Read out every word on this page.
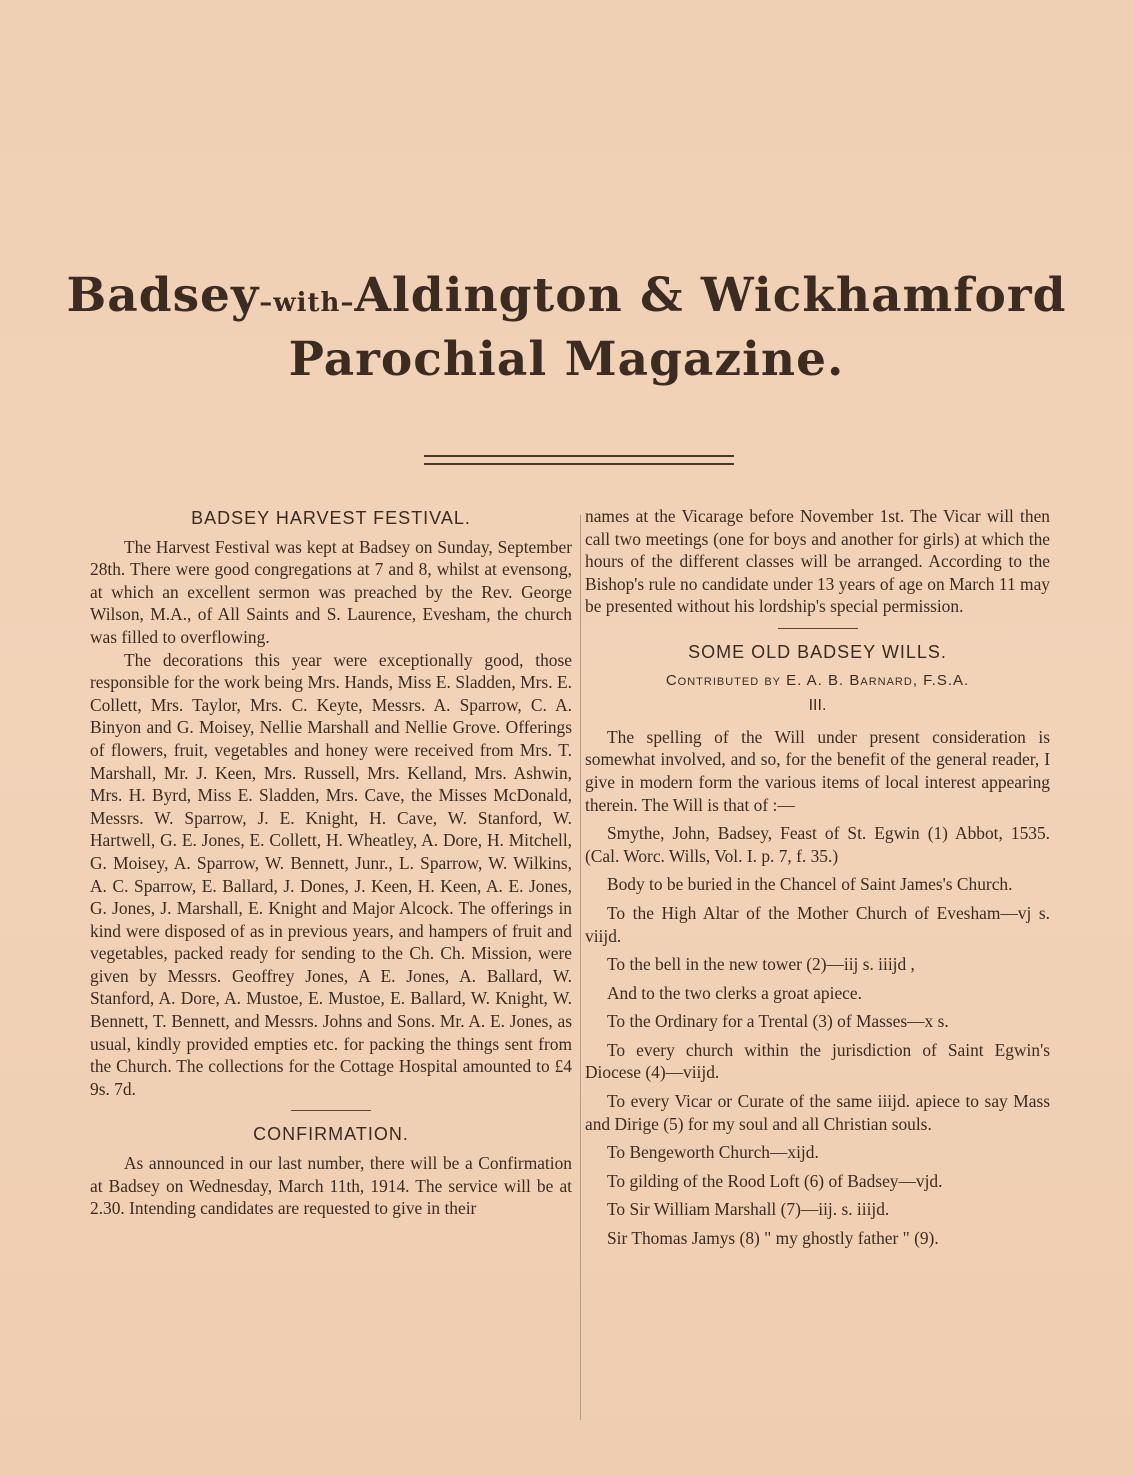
Badsey–with–Aldington & Wickhamford
Parochial Magazine.
BADSEY HARVEST FESTIVAL.

The Harvest Festival was kept at Badsey on Sunday, September 28th. There were good congregations at 7 and 8, whilst at evensong, at which an excellent sermon was preached by the Rev. George Wilson, M.A., of All Saints and S. Laurence, Evesham, the church was filled to overflowing.

The decorations this year were exceptionally good, those responsible for the work being Mrs. Hands, Miss E. Sladden, Mrs. E. Collett, Mrs. Taylor, Mrs. C. Keyte, Messrs. A. Sparrow, C. A. Binyon and G. Moisey, Nellie Marshall and Nellie Grove. Offerings of flowers, fruit, vegetables and honey were received from Mrs. T. Marshall, Mr. J. Keen, Mrs. Russell, Mrs. Kelland, Mrs. Ashwin, Mrs. H. Byrd, Miss E. Sladden, Mrs. Cave, the Misses McDonald, Messrs. W. Sparrow, J. E. Knight, H. Cave, W. Stanford, W. Hartwell, G. E. Jones, E. Collett, H. Wheatley, A. Dore, H. Mitchell, G. Moisey, A. Sparrow, W. Bennett, Junr., L. Sparrow, W. Wilkins, A. C. Sparrow, E. Ballard, J. Dones, J. Keen, H. Keen, A. E. Jones, G. Jones, J. Marshall, E. Knight and Major Alcock. The offerings in kind were disposed of as in previous years, and hampers of fruit and vegetables, packed ready for sending to the Ch. Ch. Mission, were given by Messrs. Geoffrey Jones, A E. Jones, A. Ballard, W. Stanford, A. Dore, A. Mustoe, E. Mustoe, E. Ballard, W. Knight, W. Bennett, T. Bennett, and Messrs. Johns and Sons. Mr. A. E. Jones, as usual, kindly provided empties etc. for packing the things sent from the Church. The collections for the Cottage Hospital amounted to £4 9s. 7d.

CONFIRMATION.

As announced in our last number, there will be a Confirmation at Badsey on Wednesday, March 11th, 1914. The service will be at 2.30. Intending candidates are requested to give in their

names at the Vicarage before November 1st. The Vicar will then call two meetings (one for boys and another for girls) at which the hours of the different classes will be arranged. According to the Bishop's rule no candidate under 13 years of age on March 11 may be presented without his lordship's special permission.

SOME OLD BADSEY WILLS.
Contributed by E. A. B. Barnard, F.S.A.
III.

The spelling of the Will under present consideration is somewhat involved, and so, for the benefit of the general reader, I give in modern form the various items of local interest appearing therein. The Will is that of :—

Smythe, John, Badsey, Feast of St. Egwin (1) Abbot, 1535. (Cal. Worc. Wills, Vol. I. p. 7, f. 35.)

Body to be buried in the Chancel of Saint James's Church.

To the High Altar of the Mother Church of Evesham—vj s. viijd.

To the bell in the new tower (2)—iij s. iiijd ,

And to the two clerks a groat apiece.

To the Ordinary for a Trental (3) of Masses—x s.

To every church within the jurisdiction of Saint Egwin's Diocese (4)—viijd.

To every Vicar or Curate of the same iiijd. apiece to say Mass and Dirige (5) for my soul and all Christian souls.

To Bengeworth Church—xijd.

To gilding of the Rood Loft (6) of Badsey—vjd.

To Sir William Marshall (7)—iij. s. iiijd.

Sir Thomas Jamys (8) " my ghostly father " (9).
